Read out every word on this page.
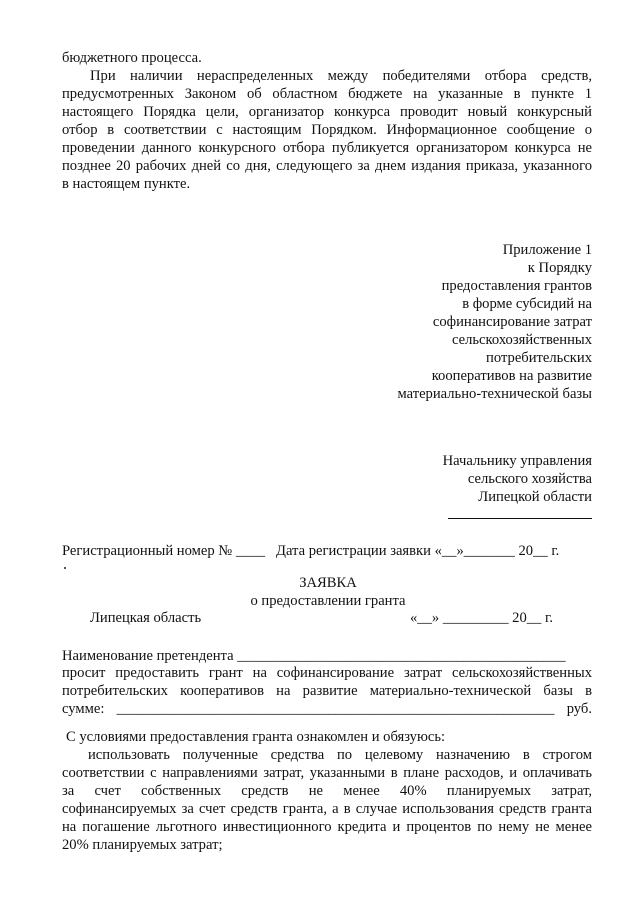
бюджетного процесса.
При наличии нераспределенных между победителями отбора средств,
предусмотренных Законом об областном бюджете на указанные в пункте 1
настоящего Порядка цели, организатор конкурса проводит новый конкурсный
отбор в соответствии с настоящим Порядком. Информационное сообщение о
проведении данного конкурсного отбора публикуется организатором конкурса не
позднее 20 рабочих дней со дня, следующего за днем издания приказа, указанного
в настоящем пункте.
Приложение 1
к Порядку
предоставления грантов
в форме субсидий на
софинансирование затрат
сельскохозяйственных
потребительских
кооперативов на развитие
материально-технической базы
Начальнику управления
сельского хозяйства
Липецкой области
Регистрационный номер № ____   Дата регистрации заявки «__»_______ 20__ г.
ЗАЯВКА
о предоставлении гранта
Липецкая область	«__» _________ 20__ г.
Наименование претендента _____________________________________________
просит предоставить грант на софинансирование затрат сельскохозяйственных
потребительских кооперативов на развитие материально-технической базы в
сумме: ____________________________________________________________ руб.
С условиями предоставления гранта ознакомлен и обязуюсь:
использовать полученные средства по целевому назначению в строгом
соответствии с направлениями затрат, указанными в плане расходов, и оплачивать
за счет собственных средств не менее 40% планируемых затрат,
софинансируемых за счет средств гранта, а в случае использования средств гранта
на погашение льготного инвестиционного кредита и процентов по нему не менее
20% планируемых затрат;
